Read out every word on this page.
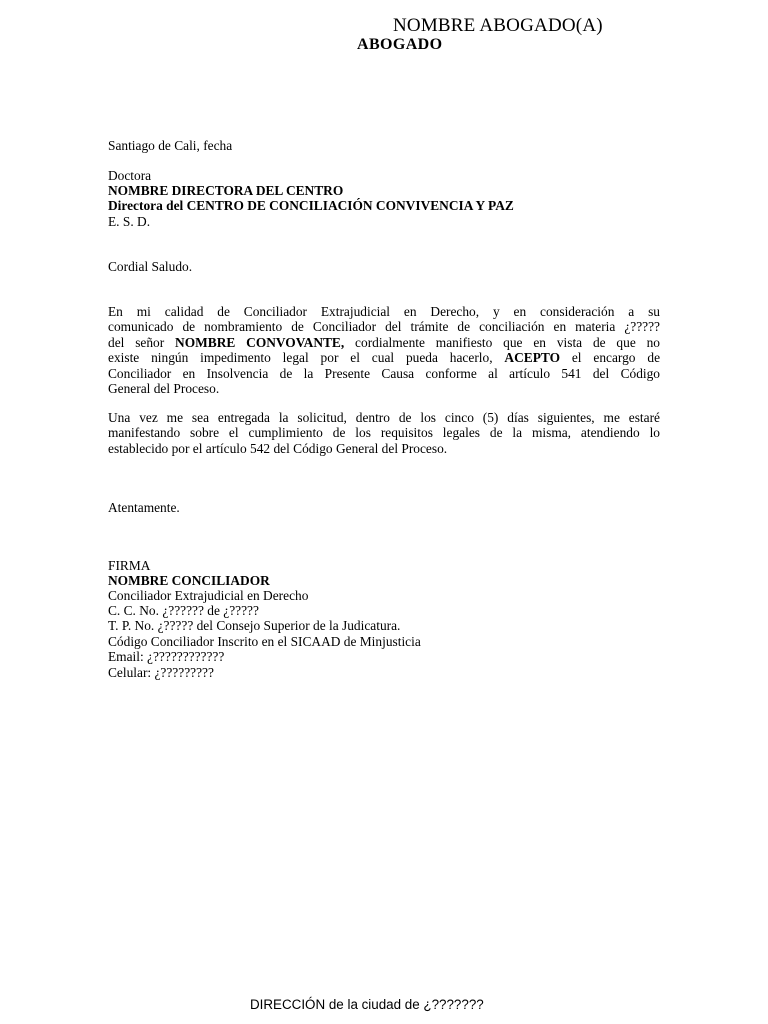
NOMBRE ABOGADO(A)
ABOGADO
Santiago de Cali, fecha
Doctora
NOMBRE DIRECTORA DEL CENTRO
Directora del CENTRO DE CONCILIACIÓN CONVIVENCIA Y PAZ
E. S. D.
Cordial Saludo.
En mi calidad de Conciliador Extrajudicial en Derecho, y en consideración a su
comunicado de nombramiento de Conciliador del trámite de conciliación en materia ¿?????
del señor NOMBRE CONVOVANTE, cordialmente manifiesto que en vista de que no
existe ningún impedimento legal por el cual pueda hacerlo, ACEPTO el encargo de
Conciliador en Insolvencia de la Presente Causa conforme al artículo 541 del Código
General del Proceso.
Una vez me sea entregada la solicitud, dentro de los cinco (5) días siguientes, me estaré
manifestando sobre el cumplimiento de los requisitos legales de la misma, atendiendo lo
establecido por el artículo 542 del Código General del Proceso.
Atentamente.
FIRMA
NOMBRE CONCILIADOR
Conciliador Extrajudicial en Derecho
C. C. No. ¿?????? de ¿?????
T. P. No. ¿????? del Consejo Superior de la Judicatura.
Código Conciliador Inscrito en el SICAAD de Minjusticia
Email: ¿????????????
Celular: ¿?????????
DIRECCIÓN de la ciudad de ¿???????
